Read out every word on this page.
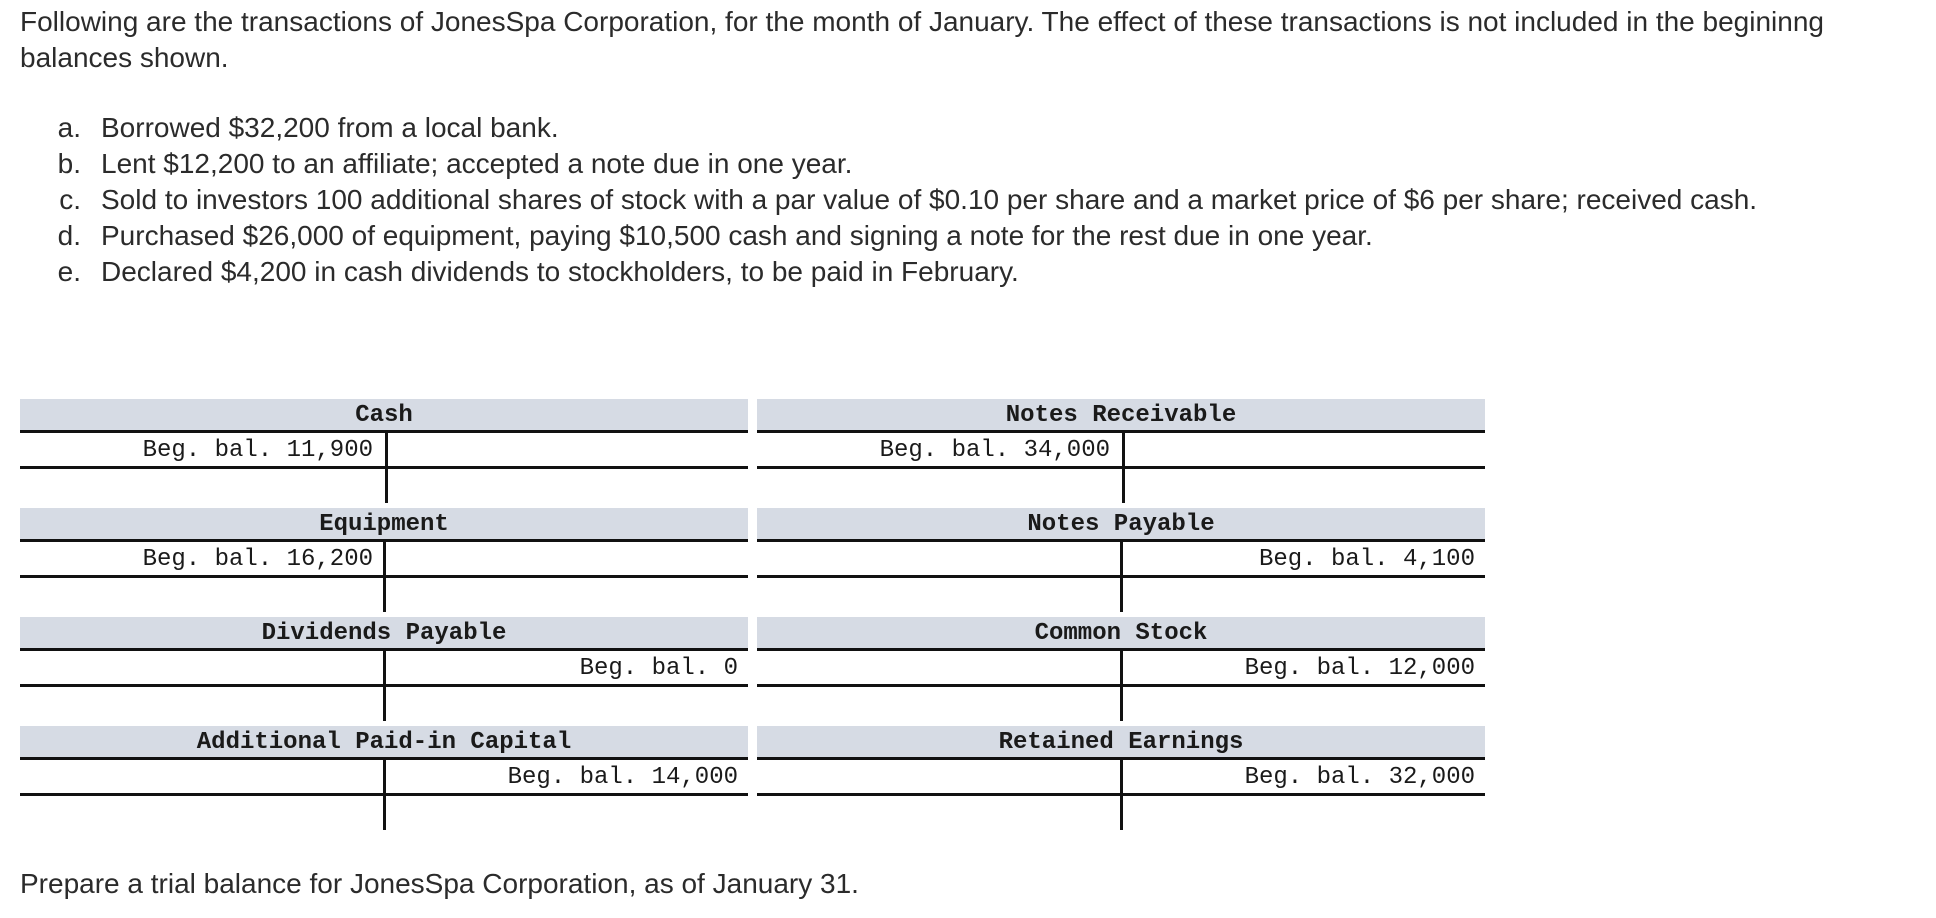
Following are the transactions of JonesSpa Corporation, for the month of January. The effect of these transactions is not included in the begininng balances shown.

a. Borrowed $32,200 from a local bank.
b. Lent $12,200 to an affiliate; accepted a note due in one year.
c. Sold to investors 100 additional shares of stock with a par value of $0.10 per share and a market price of $6 per share; received cash.
d. Purchased $26,000 of equipment, paying $10,500 cash and signing a note for the rest due in one year.
e. Declared $4,200 in cash dividends to stockholders, to be paid in February.
Cash
Beg. bal. 11,900
Notes Receivable
Beg. bal. 34,000
Equipment
Beg. bal. 16,200
Notes Payable
Beg. bal. 4,100
Dividends Payable
Beg. bal. 0
Common Stock
Beg. bal. 12,000
Additional Paid-in Capital
Beg. bal. 14,000
Retained Earnings
Beg. bal. 32,000

Prepare a trial balance for JonesSpa Corporation, as of January 31.
